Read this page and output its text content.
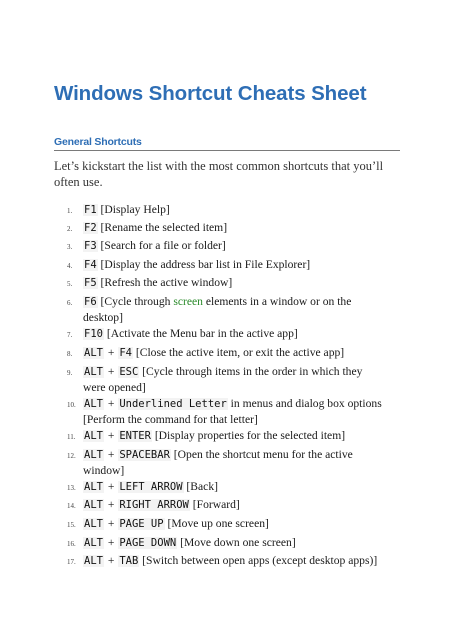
Windows Shortcut Cheats Sheet
General Shortcuts
Let’s kickstart the list with the most common shortcuts that you’ll often use.
1. F1 [Display Help]
2. F2 [Rename the selected item]
3. F3 [Search for a file or folder]
4. F4 [Display the address bar list in File Explorer]
5. F5 [Refresh the active window]
6. F6 [Cycle through screen elements in a window or on the desktop]
7. F10 [Activate the Menu bar in the active app]
8. ALT + F4 [Close the active item, or exit the active app]
9. ALT + ESC [Cycle through items in the order in which they were opened]
10. ALT + Underlined Letter in menus and dialog box options [Perform the command for that letter]
11. ALT + ENTER [Display properties for the selected item]
12. ALT + SPACEBAR [Open the shortcut menu for the active window]
13. ALT + LEFT ARROW [Back]
14. ALT + RIGHT ARROW [Forward]
15. ALT + PAGE UP [Move up one screen]
16. ALT + PAGE DOWN [Move down one screen]
17. ALT + TAB [Switch between open apps (except desktop apps)]
